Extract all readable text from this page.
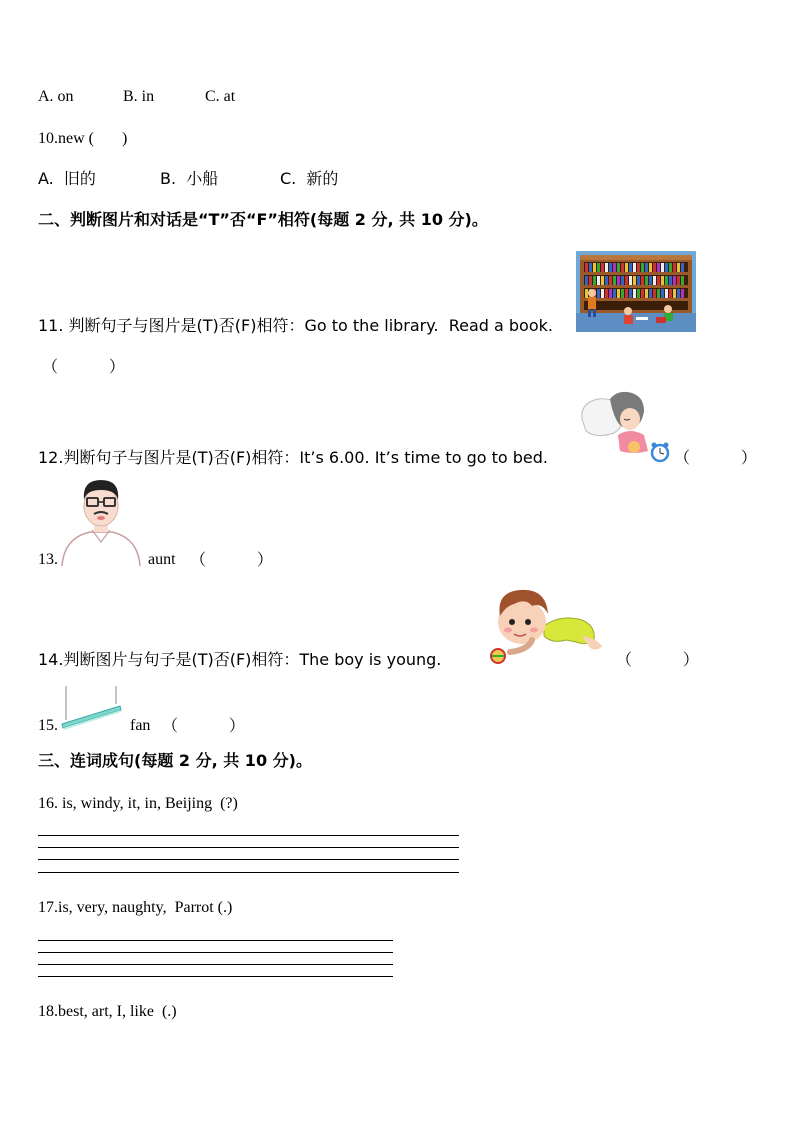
A. on	B. in	C. at
10.new (       )
A.  旧的	B.  小船	C.  新的
二、判断图片和对话是“T”否“F”相符(每题 2 分, 共 10 分)。
11. 判断句子与图片是(T)否(F)相符：Go to the library.  Read a book.
（          ）
12.判断句子与图片是(T)否(F)相符：It’s 6.00. It’s time to go to bed.	（          ）
13.	aunt （          ）
14.判断图片与句子是(T)否(F)相符：The boy is young.	（          ）
15.	fan （          ）
三、连词成句(每题 2 分, 共 10 分)。
16. is, windy, it, in, Beijing  (?)
17.is, very, naughty,  Parrot (.)
18.best, art, I, like  (.)
